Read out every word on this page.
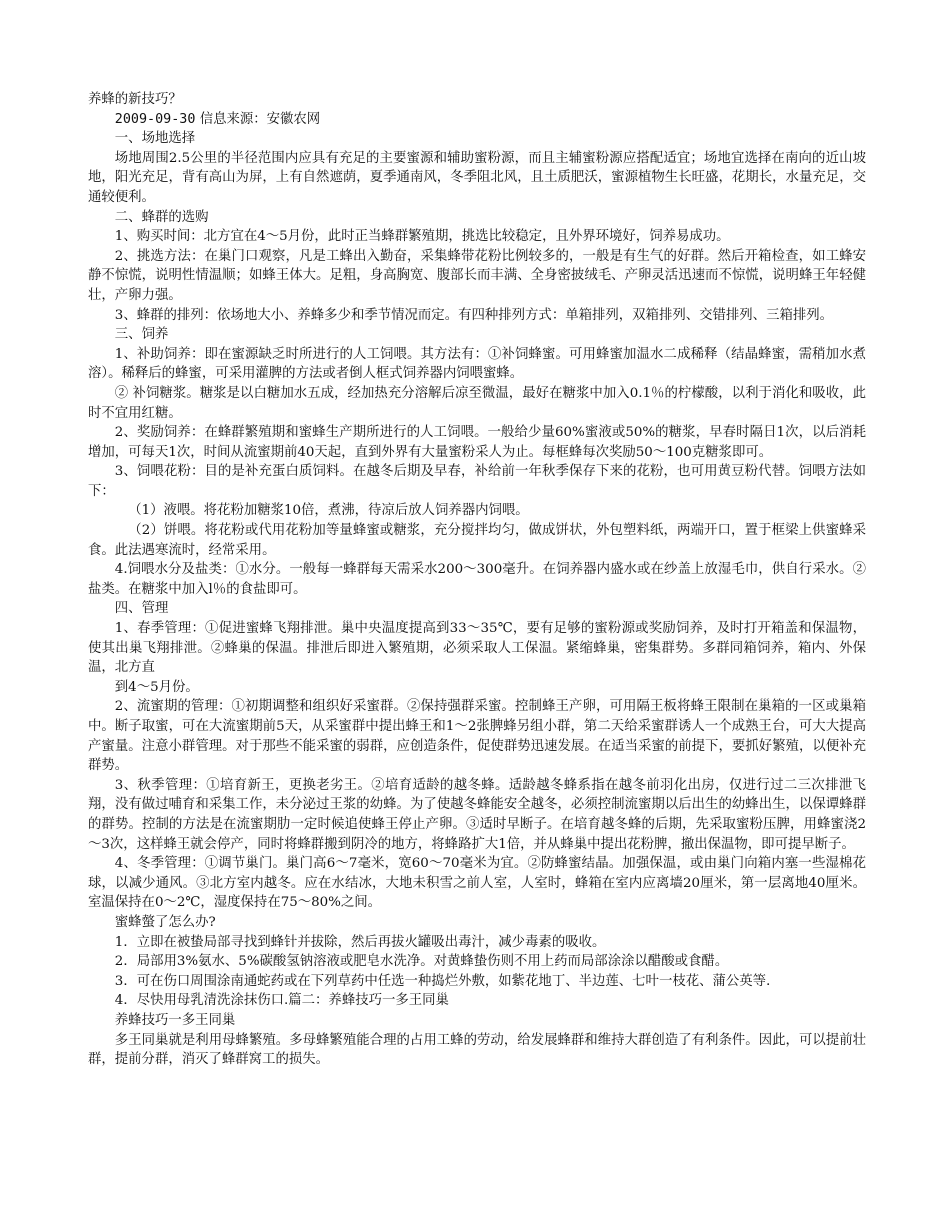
养蜂的新技巧？
2009-09-30 信息来源：安徽农网
一、场地选择
场地周围2.5公里的半径范围内应具有充足的主要蜜源和辅助蜜粉源，而且主辅蜜粉源应搭配适宜；场地宜选择在南向的近山坡地，阳光充足，背有高山为屏，上有自然遮荫，夏季通南风，冬季阻北风，且土质肥沃，蜜源植物生长旺盛，花期长，水量充足，交通较便利。
二、蜂群的选购
1、购买时间：北方宜在4～5月份，此时正当蜂群繁殖期，挑选比较稳定，且外界环境好，饲养易成功。
2、挑选方法：在巢门口观察，凡是工蜂出入勤奋，采集蜂带花粉比例较多的，一般是有生气的好群。然后开箱检查，如工蜂安静不惊慌，说明性情温顺；如蜂王体大。足粗，身高胸宽、腹部长而丰满、全身密披绒毛、产卵灵活迅速而不惊慌，说明蜂王年轻健壮，产卵力强。
3、蜂群的排列：依场地大小、养蜂多少和季节情况而定。有四种排列方式：单箱排列，双箱排列、交错排列、三箱排列。
三、饲养
1、补助饲养：即在蜜源缺乏时所进行的人工饲喂。其方法有：①补饲蜂蜜。可用蜂蜜加温水二成稀释（结晶蜂蜜，需稍加水煮溶）。稀释后的蜂蜜，可采用灌脾的方法或者倒人框式饲养器内饲喂蜜蜂。
② 补饲糖浆。糖浆是以白糖加水五成，经加热充分溶解后凉至微温，最好在糖浆中加入0.1％的柠檬酸，以利于消化和吸收，此时不宜用红糖。
2、奖励饲养：在蜂群繁殖期和蜜蜂生产期所进行的人工饲喂。一般给少量60%蜜液或50%的糖浆，早春时隔日1次，以后消耗增加，可每天1次，时间从流蜜期前40天起，直到外界有大量蜜粉采人为止。每框蜂每次奖励50～100克糖浆即可。
3、饲喂花粉：目的是补充蛋白质饲料。在越冬后期及早春，补给前一年秋季保存下来的花粉，也可用黄豆粉代替。饲喂方法如下：
（1）液喂。将花粉加糖浆10倍，煮沸，待凉后放人饲养器内饲喂。
（2）饼喂。将花粉或代用花粉加等量蜂蜜或糖浆，充分搅拌均匀，做成饼状，外包塑料纸，两端开口，置于框梁上供蜜蜂采食。此法遇寒流时，经常采用。
4.饲喂水分及盐类：①水分。一般每一蜂群每天需采水200～300毫升。在饲养器内盛水或在纱盖上放湿毛巾，供自行采水。②盐类。在糖浆中加入l％的食盐即可。
四、管理
1、春季管理：①促进蜜蜂飞翔排泄。巢中央温度提高到33～35℃，要有足够的蜜粉源或奖励饲养，及时打开箱盖和保温物，使其出巢飞翔排泄。②蜂巢的保温。排泄后即进入繁殖期，必须采取人工保温。紧缩蜂巢，密集群势。多群同箱饲养，箱内、外保温，北方直
到4～5月份。
2、流蜜期的管理：①初期调整和组织好采蜜群。②保持强群采蜜。控制蜂王产卵，可用隔王板将蜂王限制在巢箱的一区或巢箱中。断子取蜜，可在大流蜜期前5天，从采蜜群中提出蜂王和1～2张脾蜂另组小群，第二天给采蜜群诱人一个成熟王台，可大大提高产蜜量。注意小群管理。对于那些不能采蜜的弱群，应创造条件，促使群势迅速发展。在适当采蜜的前提下，要抓好繁殖，以便补充群势。
3、秋季管理：①培育新王，更换老劣王。②培育适龄的越冬蜂。适龄越冬蜂系指在越冬前羽化出房，仅进行过二三次排泄飞翔，没有做过哺育和采集工作，未分泌过王浆的幼蜂。为了使越冬蜂能安全越冬，必须控制流蜜期以后出生的幼蜂出生，以保谭蜂群的群势。控制的方法是在流蜜期肋一定时候追使蜂王停止产卵。③适时早断子。在培育越冬蜂的后期，先采取蜜粉压脾，用蜂蜜浇2～3次，这样蜂王就会停产，同时将蜂群搬到阴冷的地方，将蜂路扩大1倍，并从蜂巢中提出花粉脾，撤出保温物，即可提早断子。
4、冬季管理：①调节巢门。巢门高6～7毫米，宽60～70毫米为宜。②防蜂蜜结晶。加强保温，或由巢门向箱内塞一些湿棉花球，以减少通风。③北方室内越冬。应在水结冰，大地未积雪之前人室，人室时，蜂箱在室内应离墙20厘米，第一层离地40厘米。室温保持在0～2℃，湿度保持在75～80%之间。
蜜蜂螫了怎么办?
1．立即在被蛰局部寻找到蜂针并拔除，然后再拔火罐吸出毒汁，减少毒素的吸收。
2．局部用3%氨水、5%碳酸氢钠溶液或肥皂水洗净。对黄蜂蛰伤则不用上药而局部涂涂以醋酸或食醋。
3．可在伤口周围涂南通蛇药或在下列草药中任选一种捣烂外敷，如紫花地丁、半边莲、七叶一枝花、蒲公英等．
4．尽快用母乳清洗涂抹伤口.篇二：养蜂技巧一多王同巢
养蜂技巧一多王同巢
多王同巢就是利用母蜂繁殖。多母蜂繁殖能合理的占用工蜂的劳动，给发展蜂群和维持大群创造了有利条件。因此，可以提前壮群，提前分群，消灭了蜂群窝工的损失。
